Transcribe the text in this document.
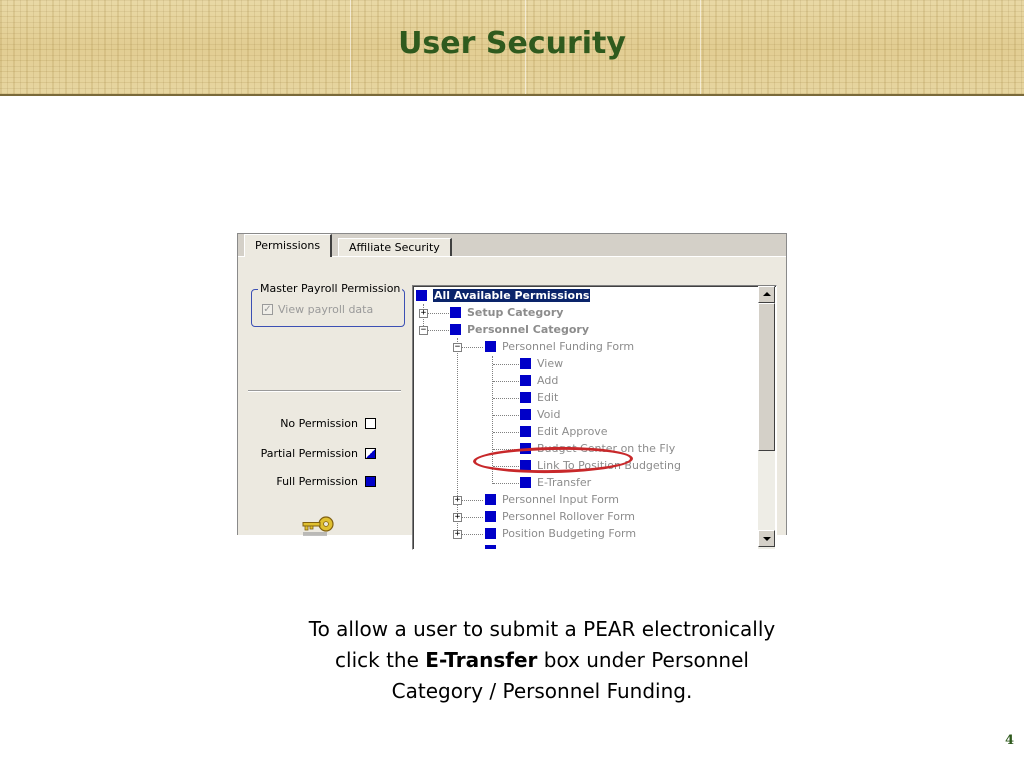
User Security
Permissions	Affiliate Security
Master Payroll Permission
✓ View payroll data
No Permission
Partial Permission
Full Permission
+
−
−
+
+
+
All Available Permissions
Setup Category
Personnel Category
Personnel Funding Form
View
Add
Edit
Void
Edit Approve
Budget Center on the Fly
Link To Position Budgeting
E-Transfer
Personnel Input Form
Personnel Rollover Form
Position Budgeting Form
To allow a user to submit a PEAR electronically
click the E-Transfer box under Personnel
Category / Personnel Funding.
4
